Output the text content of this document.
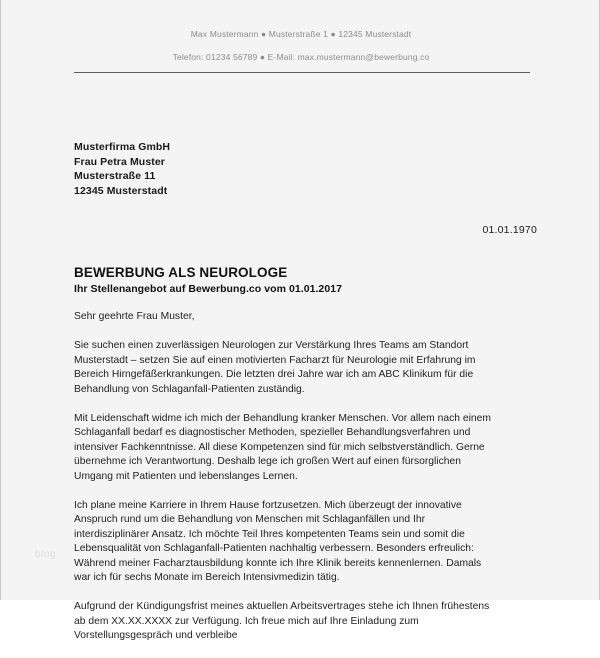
Max Mustermann ● Musterstraße 1 ● 12345 Musterstadt
Telefon: 01234 56789 ● E-Mail: max.mustermann@bewerbung.co
Musterfirma GmbH
Frau Petra Muster
Musterstraße 11
12345 Musterstadt
01.01.1970
BEWERBUNG ALS NEUROLOGE
Ihr Stellenangebot auf Bewerbung.co vom 01.01.2017
Sehr geehrte Frau Muster,
Sie suchen einen zuverlässigen Neurologen zur Verstärkung Ihres Teams am Standort
Musterstadt – setzen Sie auf einen motivierten Facharzt für Neurologie mit Erfahrung im
Bereich Hirngefäßerkrankungen. Die letzten drei Jahre war ich am ABC Klinikum für die
Behandlung von Schlaganfall-Patienten zuständig.
Mit Leidenschaft widme ich mich der Behandlung kranker Menschen. Vor allem nach einem
Schlaganfall bedarf es diagnostischer Methoden, spezieller Behandlungsverfahren und
intensiver Fachkenntnisse. All diese Kompetenzen sind für mich selbstverständlich. Gerne
übernehme ich Verantwortung. Deshalb lege ich großen Wert auf einen fürsorglichen
Umgang mit Patienten und lebenslanges Lernen.
Ich plane meine Karriere in Ihrem Hause fortzusetzen. Mich überzeugt der innovative
Anspruch rund um die Behandlung von Menschen mit Schlaganfällen und Ihr
interdisziplinärer Ansatz. Ich möchte Teil Ihres kompetenten Teams sein und somit die
Lebensqualität von Schlaganfall-Patienten nachhaltig verbessern. Besonders erfreulich:
Während meiner Facharztausbildung konnte ich Ihre Klinik bereits kennenlernen. Damals
war ich für sechs Monate im Bereich Intensivmedizin tätig.
Aufgrund der Kündigungsfrist meines aktuellen Arbeitsvertrages stehe ich Ihnen frühestens
ab dem XX.XX.XXXX zur Verfügung. Ich freue mich auf Ihre Einladung zum
Vorstellungsgespräch und verbleibe
blog
